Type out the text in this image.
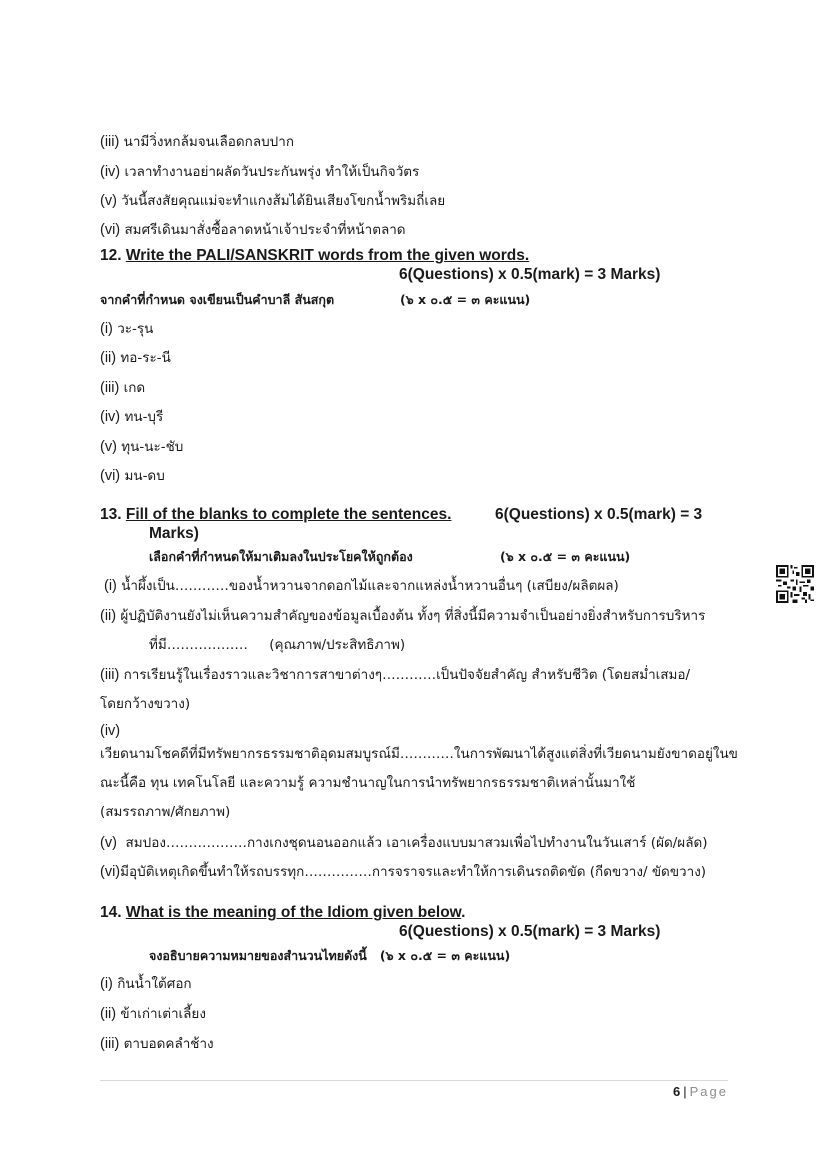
(iii) นามีวิ่งหกล้มจนเลือดกลบปาก
(iv) เวลาทำงานอย่าผลัดวันประกันพรุ่ง ทำให้เป็นกิจวัตร
(v) วันนี้สงสัยคุณแม่จะทำแกงส้มได้ยินเสียงโขกน้ำพริมถี่เลย
(vi) สมศรีเดินมาสั่งซื้อลาดหน้าเจ้าประจำที่หน้าตลาด
12. Write the PALI/SANSKRIT words from the given words.
6(Questions) x 0.5(mark) = 3 Marks)
จากคำที่กำหนด จงเขียนเป็นคำบาลี สันสกุต	(๖ x ๐.๕ = ๓ คะแนน)
(i) วะ-รุน
(ii) ทอ-ระ-นี
(iii) เกด
(iv) ทน-บุรี
(v) ทุน-นะ-ชับ
(vi) มน-ดบ
13. Fill of the blanks to complete the sentences.	6(Questions) x 0.5(mark) = 3
Marks)
เลือกคำที่กำหนดให้มาเติมลงในประโยคให้ถูกต้อง	(๖ x ๐.๕ = ๓ คะแนน)
(i) น้ำผึ้งเป็น…………ของน้ำหวานจากดอกไม้และจากแหล่งน้ำหวานอื่นๆ (เสบียง/ผลิตผล)
(ii) ผู้ปฏิบัติงานยังไม่เห็นความสำคัญของข้อมูลเบื้องต้น ทั้งๆ ที่สิ่งนี้มีความจำเป็นอย่างยิ่งสำหรับการบริหาร
ที่มี……………… (คุณภาพ/ประสิทธิภาพ)
(iii) การเรียนรู้ในเรื่องราวและวิชาการสาขาต่างๆ…………เป็นปัจจัยสำคัญ สำหรับชีวิต (โดยสม่ำเสมอ/
โดยกว้างขวาง)
(iv)
เวียดนามโชคดีที่มีทรัพยากรธรรมชาติอุดมสมบูรณ์มี…………ในการพัฒนาได้สูงแต่สิ่งที่เวียดนามยังขาดอยู่ในข
ณะนี้คือ ทุน เทคโนโลยี และความรู้ ความชำนาญในการนำทรัพยากรธรรมชาติเหล่านั้นมาใช้
(สมรรถภาพ/ศักยภาพ)
(v) สมปอง………………กางเกงชุดนอนออกแล้ว เอาเครื่องแบบมาสวมเพื่อไปทำงานในวันเสาร์ (ผัด/ผลัด)
(vi)มีอุบัติเหตุเกิดขึ้นทำให้รถบรรทุก……………การจราจรและทำให้การเดินรถติดขัด (กีดขวาง/ ขัดขวาง)
14. What is the meaning of the Idiom given below.
6(Questions) x 0.5(mark) = 3 Marks)
จงอธิบายความหมายของสำนวนไทยดังนี้ (๖ x ๐.๕ = ๓ คะแนน)
(i) กินน้ำใต้ศอก
(ii) ข้าเก่าเต่าเลี้ยง
(iii) ตาบอดคลำช้าง
6 | Page
